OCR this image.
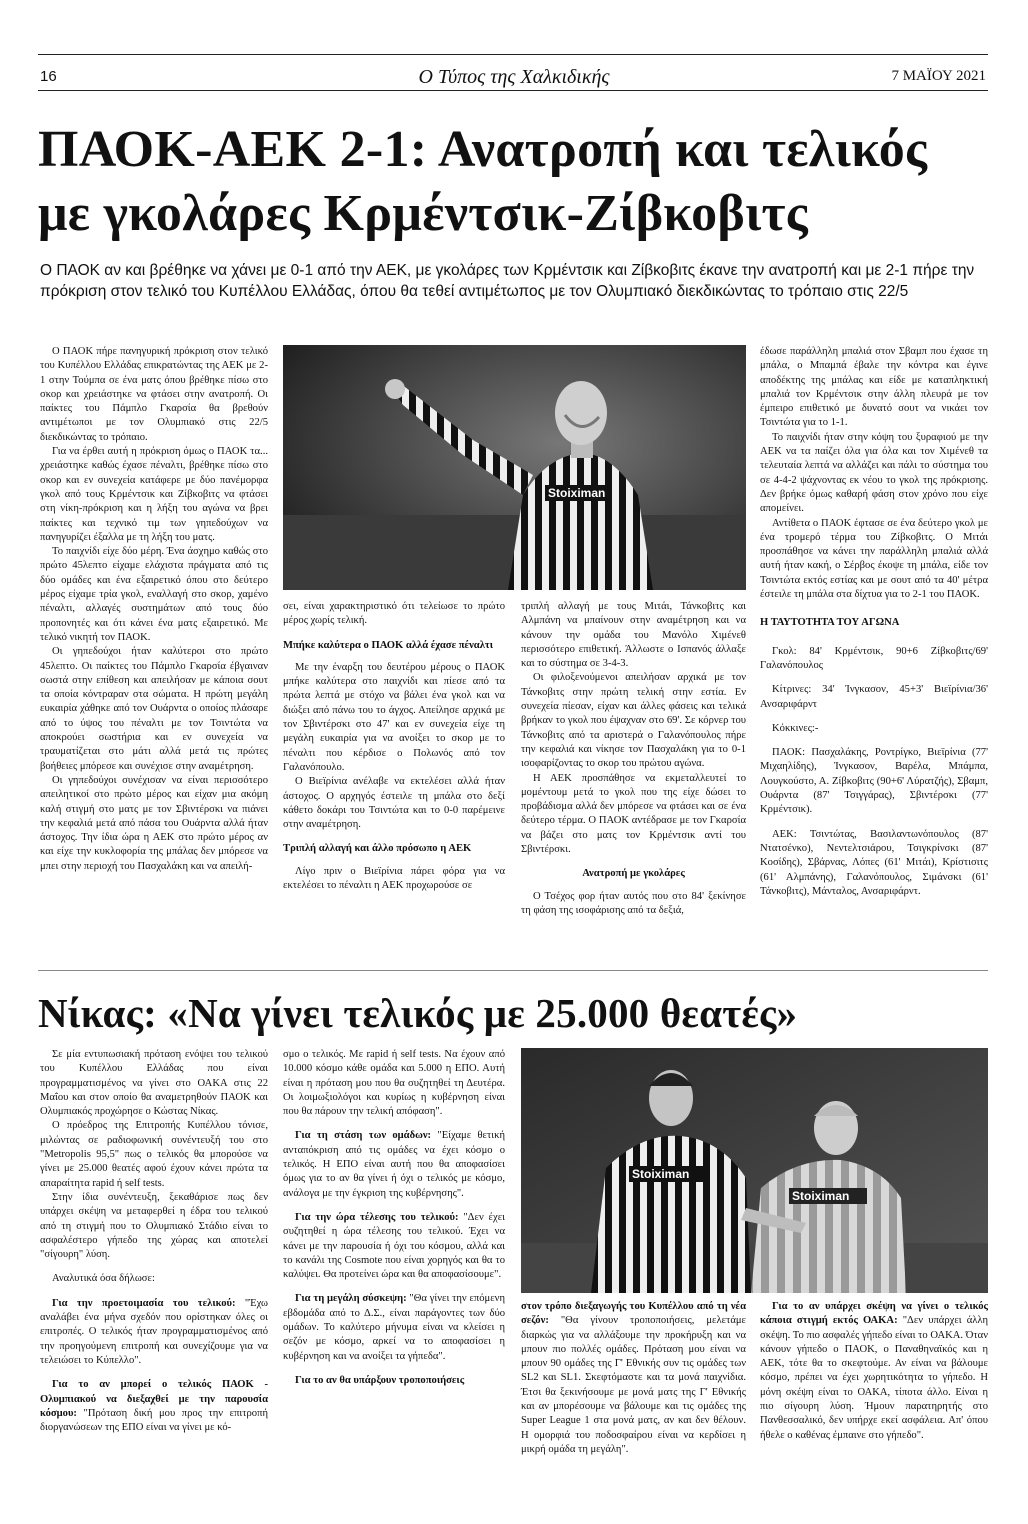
16	Ο Τύπος της Χαλκιδικής	7 ΜΑΪΟΥ 2021
ΠΑΟΚ-ΑΕΚ 2-1: Ανατροπή και τελικός
με γκολάρες Κρμέντσικ-Ζίβκοβιτς
Ο ΠΑΟΚ αν και βρέθηκε να χάνει με 0-1 από την ΑΕΚ, με γκολάρες των Κρμέντσικ και Ζίβκοβιτς έκανε την ανατροπή και με 2-1 πήρε την πρόκριση στον τελικό του Κυπέλλου Ελλάδας, όπου θα τεθεί αντιμέτωπος με τον Ολυμπιακό διεκδικώντας το τρόπαιο στις 22/5

Ο ΠΑΟΚ πήρε πανηγυρική πρόκριση στον τελικό του Κυπέλλου Ελλάδας επικρατώντας της ΑΕΚ με 2-1 στην Τούμπα σε ένα ματς όπου βρέθηκε πίσω στο σκορ και χρειάστηκε να φτάσει στην ανατροπή. Οι παίκτες του Πάμπλο Γκαρσία θα βρεθούν αντιμέτωποι με τον Ολυμπιακό στις 22/5 διεκδικώντας το τρόπαιο.

Για να έρθει αυτή η πρόκριση όμως ο ΠΑΟΚ τα... χρειάστηκε καθώς έχασε πέναλτι, βρέθηκε πίσω στο σκορ και εν συνεχεία κατάφερε με δύο πανέμορφα γκολ από τους Κρμέντσικ και Ζίβκοβιτς να φτάσει στη νίκη-πρόκριση και η λήξη του αγώνα να βρει παίκτες και τεχνικό τιμ των γηπεδούχων να πανηγυρίζει έξαλλα με τη λήξη του ματς.

Το παιχνίδι είχε δύο μέρη. Ένα άσχημο καθώς στο πρώτο 45λεπτο είχαμε ελάχιστα πράγματα από τις δύο ομάδες και ένα εξαιρετικό όπου στο δεύτερο μέρος είχαμε τρία γκολ, εναλλαγή στο σκορ, χαμένο πέναλτι, αλλαγές συστημάτων από τους δύο προπονητές και ότι κάνει ένα ματς εξαιρετικό. Με τελικό νικητή τον ΠΑΟΚ.

Οι γηπεδούχοι ήταν καλύτεροι στο πρώτο 45λεπτο. Οι παίκτες του Πάμπλο Γκαρσία έβγαιναν σωστά στην επίθεση και απειλήσαν με κάποια σουτ τα οποία κόντραραν στα σώματα. Η πρώτη μεγάλη ευκαιρία χάθηκε από τον Ουάρντα ο οποίος πλάσαρε από το ύψος του πέναλτι με τον Τσιντώτα να αποκρούει σωστήρια και εν συνεχεία να τραυματίζεται στο μάτι αλλά μετά τις πρώτες βοήθειες μπόρεσε και συνέχισε στην αναμέτρηση.

Οι γηπεδούχοι συνέχισαν να είναι περισσότερο απειλητικοί στο πρώτο μέρος και είχαν μια ακόμη καλή στιγμή στο ματς με τον Σβιντέρσκι να πιάνει την κεφαλιά μετά από πάσα του Ουάρντα αλλά ήταν άστοχος. Την ίδια ώρα η ΑΕΚ στο πρώτο μέρος αν και είχε την κυκλοφορία της μπάλας δεν μπόρεσε να μπει στην περιοχή του Πασχαλάκη και να απειλή-

Stoiximan

σει, είναι χαρακτηριστικό ότι τελείωσε το πρώτο μέρος χωρίς τελική.

Μπήκε καλύτερα ο ΠΑΟΚ αλλά έχασε πέναλτι

Με την έναρξη του δευτέρου μέρους ο ΠΑΟΚ μπήκε καλύτερα στο παιχνίδι και πίεσε από τα πρώτα λεπτά με στόχο να βάλει ένα γκολ και να διώξει από πάνω του το άγχος. Απείλησε αρχικά με τον Σβιντέρσκι στο 47' και εν συνεχεία είχε τη μεγάλη ευκαιρία για να ανοίξει το σκορ με το πέναλτι που κέρδισε ο Πολωνός από τον Γαλανόπουλο.

Ο Βιεϊρίνια ανέλαβε να εκτελέσει αλλά ήταν άστοχος. Ο αρχηγός έστειλε τη μπάλα στο δεξί κάθετο δοκάρι του Τσιντώτα και το 0-0 παρέμεινε στην αναμέτρηση.

Τριπλή αλλαγή και άλλο πρόσωπο η ΑΕΚ

Λίγο πριν ο Βιεϊρίνια πάρει φόρα για να εκτελέσει το πέναλτι η ΑΕΚ προχωρούσε σε

τριπλή αλλαγή με τους Μιτάι, Τάνκοβιτς και Αλμπάνη να μπαίνουν στην αναμέτρηση και να κάνουν την ομάδα του Μανόλο Χιμένεθ περισσότερο επιθετική. Άλλωστε ο Ισπανός άλλαξε και το σύστημα σε 3-4-3.

Οι φιλοξενούμενοι απειλήσαν αρχικά με τον Τάνκοβιτς στην πρώτη τελική στην εστία. Εν συνεχεία πίεσαν, είχαν και άλλες φάσεις και τελικά βρήκαν το γκολ που έψαχναν στο 69'. Σε κόρνερ του Τάνκοβιτς από τα αριστερά ο Γαλανόπουλος πήρε την κεφαλιά και νίκησε τον Πασχαλάκη για το 0-1 ισοφαρίζοντας το σκορ του πρώτου αγώνα.

Η ΑΕΚ προσπάθησε να εκμεταλλευτεί το μομέντουμ μετά το γκολ που της είχε δώσει το προβάδισμα αλλά δεν μπόρεσε να φτάσει και σε ένα δεύτερο τέρμα. Ο ΠΑΟΚ αντέδρασε με τον Γκαρσία να βάζει στο ματς τον Κρμέντσικ αντί του Σβιντέρσκι.

Ανατροπή με γκολάρες

Ο Τσέχος φορ ήταν αυτός που στο 84' ξεκίνησε τη φάση της ισοφάρισης από τα δεξιά,

έδωσε παράλληλη μπαλιά στον Σβαμπ που έχασε τη μπάλα, ο Μπαμπά έβαλε την κόντρα και έγινε αποδέκτης της μπάλας και είδε με καταπληκτική μπαλιά τον Κρμέντσικ στην άλλη πλευρά με τον έμπειρο επιθετικό με δυνατό σουτ να νικάει τον Τσιντώτα για το 1-1.

Το παιχνίδι ήταν στην κόψη του ξυραφιού με την ΑΕΚ να τα παίζει όλα για όλα και τον Χιμένεθ τα τελευταία λεπτά να αλλάζει και πάλι το σύστημα του σε 4-4-2 ψάχνοντας εκ νέου το γκολ της πρόκρισης. Δεν βρήκε όμως καθαρή φάση στον χρόνο που είχε απομείνει.

Αντίθετα ο ΠΑΟΚ έφτασε σε ένα δεύτερο γκολ με ένα τρομερό τέρμα του Ζίβκοβιτς. Ο Μιτάι προσπάθησε να κάνει την παράλληλη μπαλιά αλλά αυτή ήταν κακή, ο Σέρβος έκοψε τη μπάλα, είδε τον Τσιντώτα εκτός εστίας και με σουτ από τα 40' μέτρα έστειλε τη μπάλα στα δίχτυα για το 2-1 του ΠΑΟΚ.

Η ΤΑΥΤΟΤΗΤΑ ΤΟΥ ΑΓΩΝΑ

Γκολ: 84' Κρμέντσικ, 90+6 Ζίβκοβιτς/69' Γαλανόπουλος

Κίτρινες: 34' Ίνγκασον, 45+3' Βιεϊρίνια/36' Ανσαριφάρντ

Κόκκινες:-

ΠΑΟΚ: Πασχαλάκης, Ροντρίγκο, Βιεϊρίνια (77' Μιχαηλίδης), Ίνγκασον, Βαρέλα, Μπάμπα, Λουγκούστο, Α. Ζίβκοβιτς (90+6' Λύρατζής), Σβαμπ, Ουάρντα (87' Τσιγγάρας), Σβιντέρσκι (77' Κρμέντσικ).

ΑΕΚ: Τσιντώτας, Βασιλαντωνόπουλος (87' Ντατσένκο), Νεντελτσιάρου, Τσιγκρίνσκι (87' Κοσίδης), Σβάρνας, Λόπες (61' Μιτάι), Κρίστισιτς (61' Αλμπάνης), Γαλανόπουλος, Σιμάνσκι (61' Τάνκοβιτς), Μάνταλος, Ανσαριφάρντ.

Νίκας: «Να γίνει τελικός με 25.000 θεατές»

Σε μία εντυπωσιακή πρόταση ενόψει του τελικού του Κυπέλλου Ελλάδας που είναι προγραμματισμένος να γίνει στο ΟΑΚΑ στις 22 Μαΐου και στον οποίο θα αναμετρηθούν ΠΑΟΚ και Ολυμπιακός προχώρησε ο Κώστας Νίκας.

Ο πρόεδρος της Επιτροπής Κυπέλλου τόνισε, μιλώντας σε ραδιοφωνική συνέντευξή του στο "Metropolis 95,5" πως ο τελικός θα μπορούσε να γίνει με 25.000 θεατές αφού έχουν κάνει πρώτα τα απαραίτητα rapid ή self tests.

Στην ίδια συνέντευξη, ξεκαθάρισε πως δεν υπάρχει σκέψη να μεταφερθεί η έδρα του τελικού από τη στιγμή που το Ολυμπιακό Στάδιο είναι το ασφαλέστερο γήπεδο της χώρας και αποτελεί "σίγουρη" λύση.

Αναλυτικά όσα δήλωσε:

Για την προετοιμασία του τελικού: "Έχω αναλάβει ένα μήνα σχεδόν που ορίστηκαν όλες οι επιτροπές. Ο τελικός ήταν προγραμματισμένος από την προηγούμενη επιτροπή και συνεχίζουμε για να τελειώσει το Κύπελλο".

Για το αν μπορεί ο τελικός ΠΑΟΚ - Ολυμπιακού να διεξαχθεί με την παρουσία κόσμου: "Πρόταση δική μου προς την επιτροπή διοργανώσεων της ΕΠΟ είναι να γίνει με κό-

σμο ο τελικός. Με rapid ή self tests. Να έχουν από 10.000 κόσμο κάθε ομάδα και 5.000 η ΕΠΟ. Αυτή είναι η πρόταση μου που θα συζητηθεί τη Δευτέρα. Οι λοιμωξιολόγοι και κυρίως η κυβέρνηση είναι που θα πάρουν την τελική απόφαση".

Για τη στάση των ομάδων: "Είχαμε θετική ανταπόκριση από τις ομάδες να έχει κόσμο ο τελικός. Η ΕΠΟ είναι αυτή που θα αποφασίσει όμως για το αν θα γίνει ή όχι ο τελικός με κόσμο, ανάλογα με την έγκριση της κυβέρνησης".

Για την ώρα τέλεσης του τελικού: "Δεν έχει συζητηθεί η ώρα τέλεσης του τελικού. Έχει να κάνει με την παρουσία ή όχι του κόσμου, αλλά και το κανάλι της Cosmote που είναι χορηγός και θα το καλύψει. Θα προτείνει ώρα και θα αποφασίσουμε".

Για τη μεγάλη σύσκεψη: "Θα γίνει την επόμενη εβδομάδα από το Δ.Σ., είναι παράγοντες των δύο ομάδων. Το καλύτερο μήνυμα είναι να κλείσει η σεζόν με κόσμο, αρκεί να το αποφασίσει η κυβέρνηση και να ανοίξει τα γήπεδα".

Για το αν θα υπάρξουν τροποποιήσεις

Stoiximan
Stoiximan

στον τρόπο διεξαγωγής του Κυπέλλου από τη νέα σεζόν: "Θα γίνουν τροποποιήσεις, μελετάμε διαρκώς για να αλλάξουμε την προκήρυξη και να μπουν πιο πολλές ομάδες. Πρόταση μου είναι να μπουν 90 ομάδες της Γ' Εθνικής συν τις ομάδες των SL2 και SL1. Σκεφτόμαστε και τα μονά παιχνίδια. Έτσι θα ξεκινήσουμε με μονά ματς της Γ' Εθνικής και αν μπορέσουμε να βάλουμε και τις ομάδες της Super League 1 στα μονά ματς, αν και δεν θέλουν. Η ομορφιά του ποδοσφαίρου είναι να κερδίσει η μικρή ομάδα τη μεγάλη".

Για το αν υπάρχει σκέψη να γίνει ο τελικός κάποια στιγμή εκτός ΟΑΚΑ: "Δεν υπάρχει άλλη σκέψη. Το πιο ασφαλές γήπεδο είναι το ΟΑΚΑ. Όταν κάνουν γήπεδο ο ΠΑΟΚ, ο Παναθηναϊκός και η ΑΕΚ, τότε θα το σκεφτούμε. Αν είναι να βάλουμε κόσμο, πρέπει να έχει χωρητικότητα το γήπεδο. Η μόνη σκέψη είναι το ΟΑΚΑ, τίποτα άλλο. Είναι η πιο σίγουρη λύση. Ήμουν παρατηρητής στο Πανθεσσαλικό, δεν υπήρχε εκεί ασφάλεια. Απ' όπου ήθελε ο καθένας έμπαινε στο γήπεδο".
